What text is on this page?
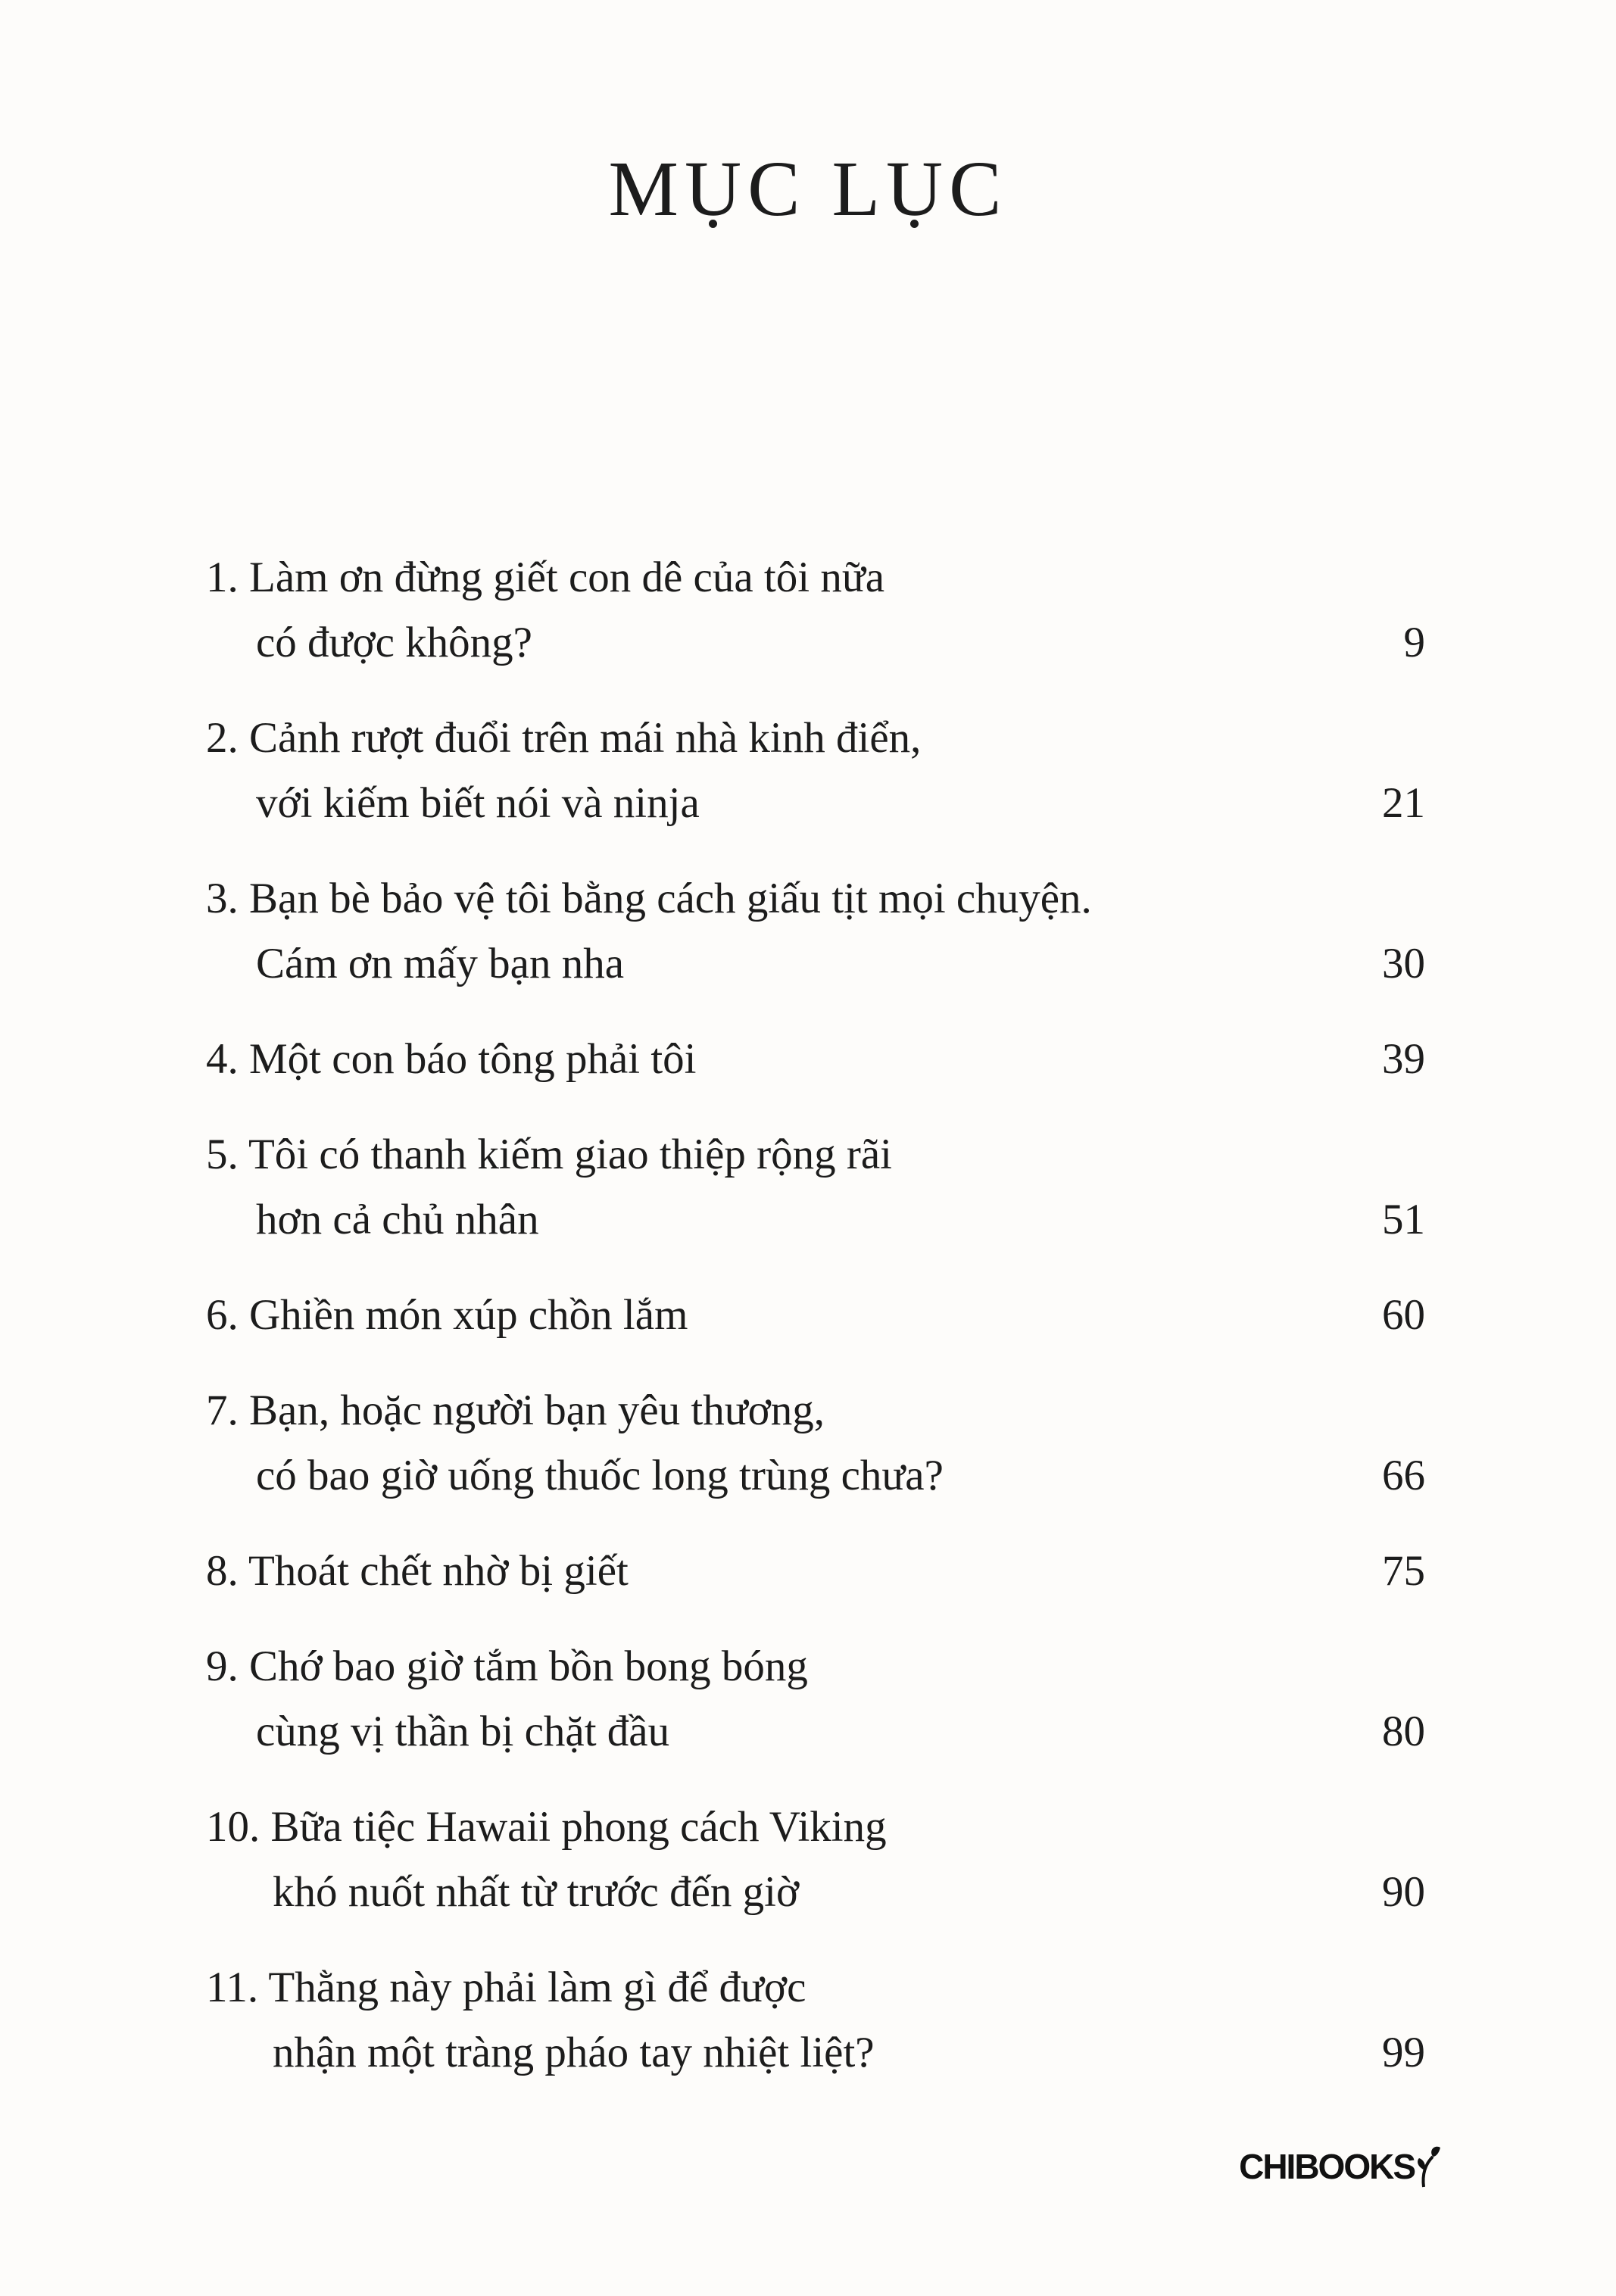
MỤC LỤC
1. Làm ơn đừng giết con dê của tôi nữa
có được không?	9
2. Cảnh rượt đuổi trên mái nhà kinh điển,
với kiếm biết nói và ninja	21
3. Bạn bè bảo vệ tôi bằng cách giấu tịt mọi chuyện.
Cám ơn mấy bạn nha	30
4. Một con báo tông phải tôi	39
5. Tôi có thanh kiếm giao thiệp rộng rãi
hơn cả chủ nhân	51
6. Ghiền món xúp chồn lắm	60
7. Bạn, hoặc người bạn yêu thương,
có bao giờ uống thuốc long trùng chưa?	66
8. Thoát chết nhờ bị giết	75
9. Chớ bao giờ tắm bồn bong bóng
cùng vị thần bị chặt đầu	80
10. Bữa tiệc Hawaii phong cách Viking
khó nuốt nhất từ trước đến giờ	90
11. Thằng này phải làm gì để được
nhận một tràng pháo tay nhiệt liệt?	99
CHIBOOKS
